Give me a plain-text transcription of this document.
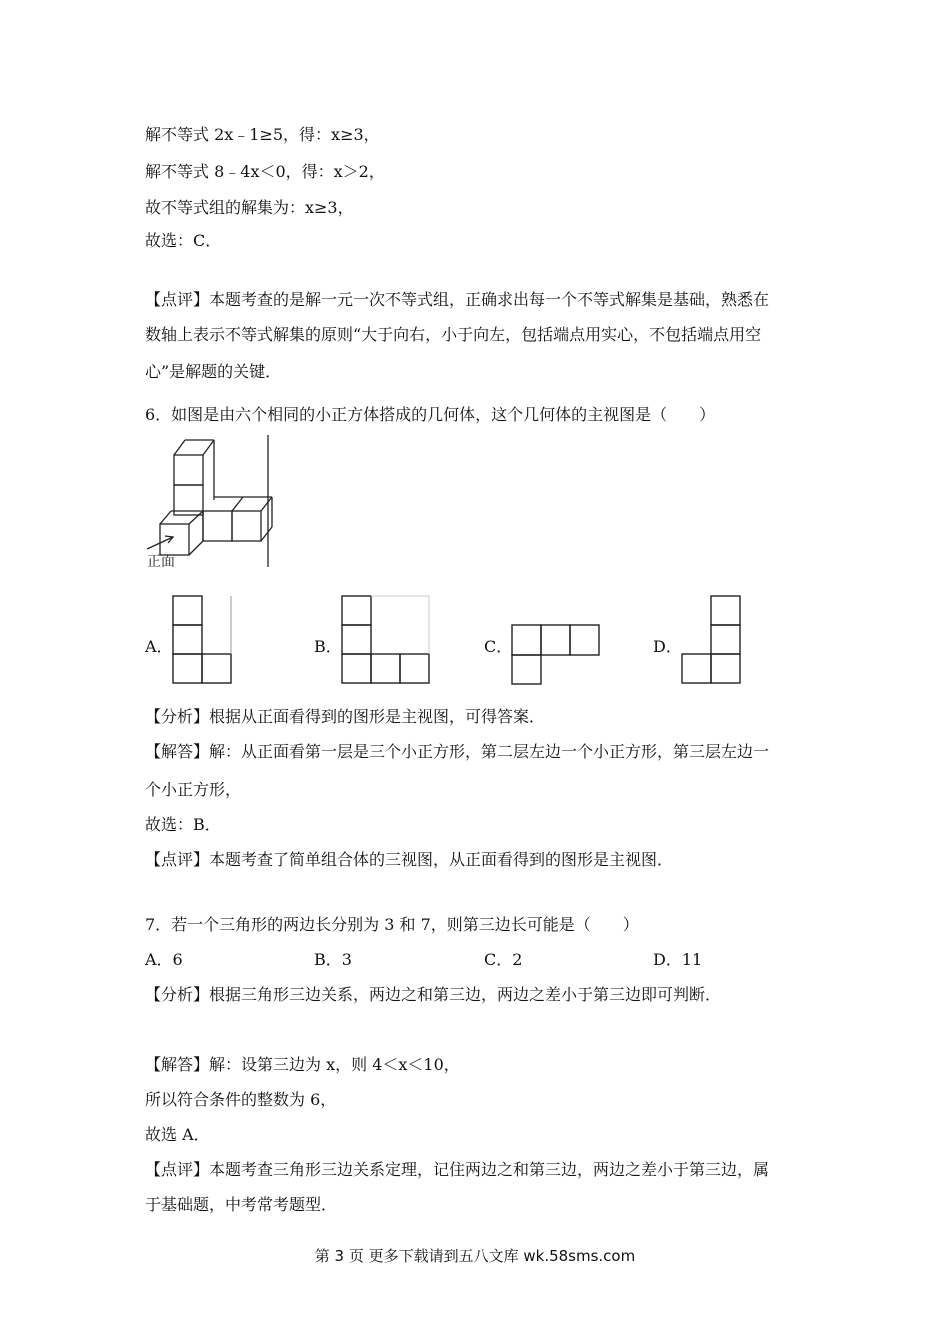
解不等式 2x﹣1≥5，得：x≥3，
解不等式 8﹣4x＜0，得：x＞2，
故不等式组的解集为：x≥3，
故选：C．
【点评】本题考查的是解一元一次不等式组，正确求出每一个不等式解集是基础，熟悉在
6．如图是由六个相同的小正方体搭成的几何体，这个几何体的主视图是（　　）
正面
A．	B．	C．	D．
【分析】根据从正面看得到的图形是主视图，可得答案．
【解答】解：从正面看第一层是三个小正方形，第二层左边一个小正方形，第三层左边一
个小正方形，
故选：B．
【点评】本题考查了简单组合体的三视图，从正面看得到的图形是主视图．
7．若一个三角形的两边长分别为 3 和 7，则第三边长可能是（　　）
A．6	B．3	C．2	D．11
【分析】根据三角形三边关系，两边之和第三边，两边之差小于第三边即可判断．
【解答】解：设第三边为 x，则 4＜x＜10，
所以符合条件的整数为 6，
故选 A．
【点评】本题考查三角形三边关系定理，记住两边之和第三边，两边之差小于第三边，属
于基础题，中考常考题型．
第 3 页 更多下载请到五八文库 wk.58sms.com
数轴上表示不等式解集的原则“大于向右，小于向左，包括端点用实心，不包括端点用空
心”是解题的关键．
